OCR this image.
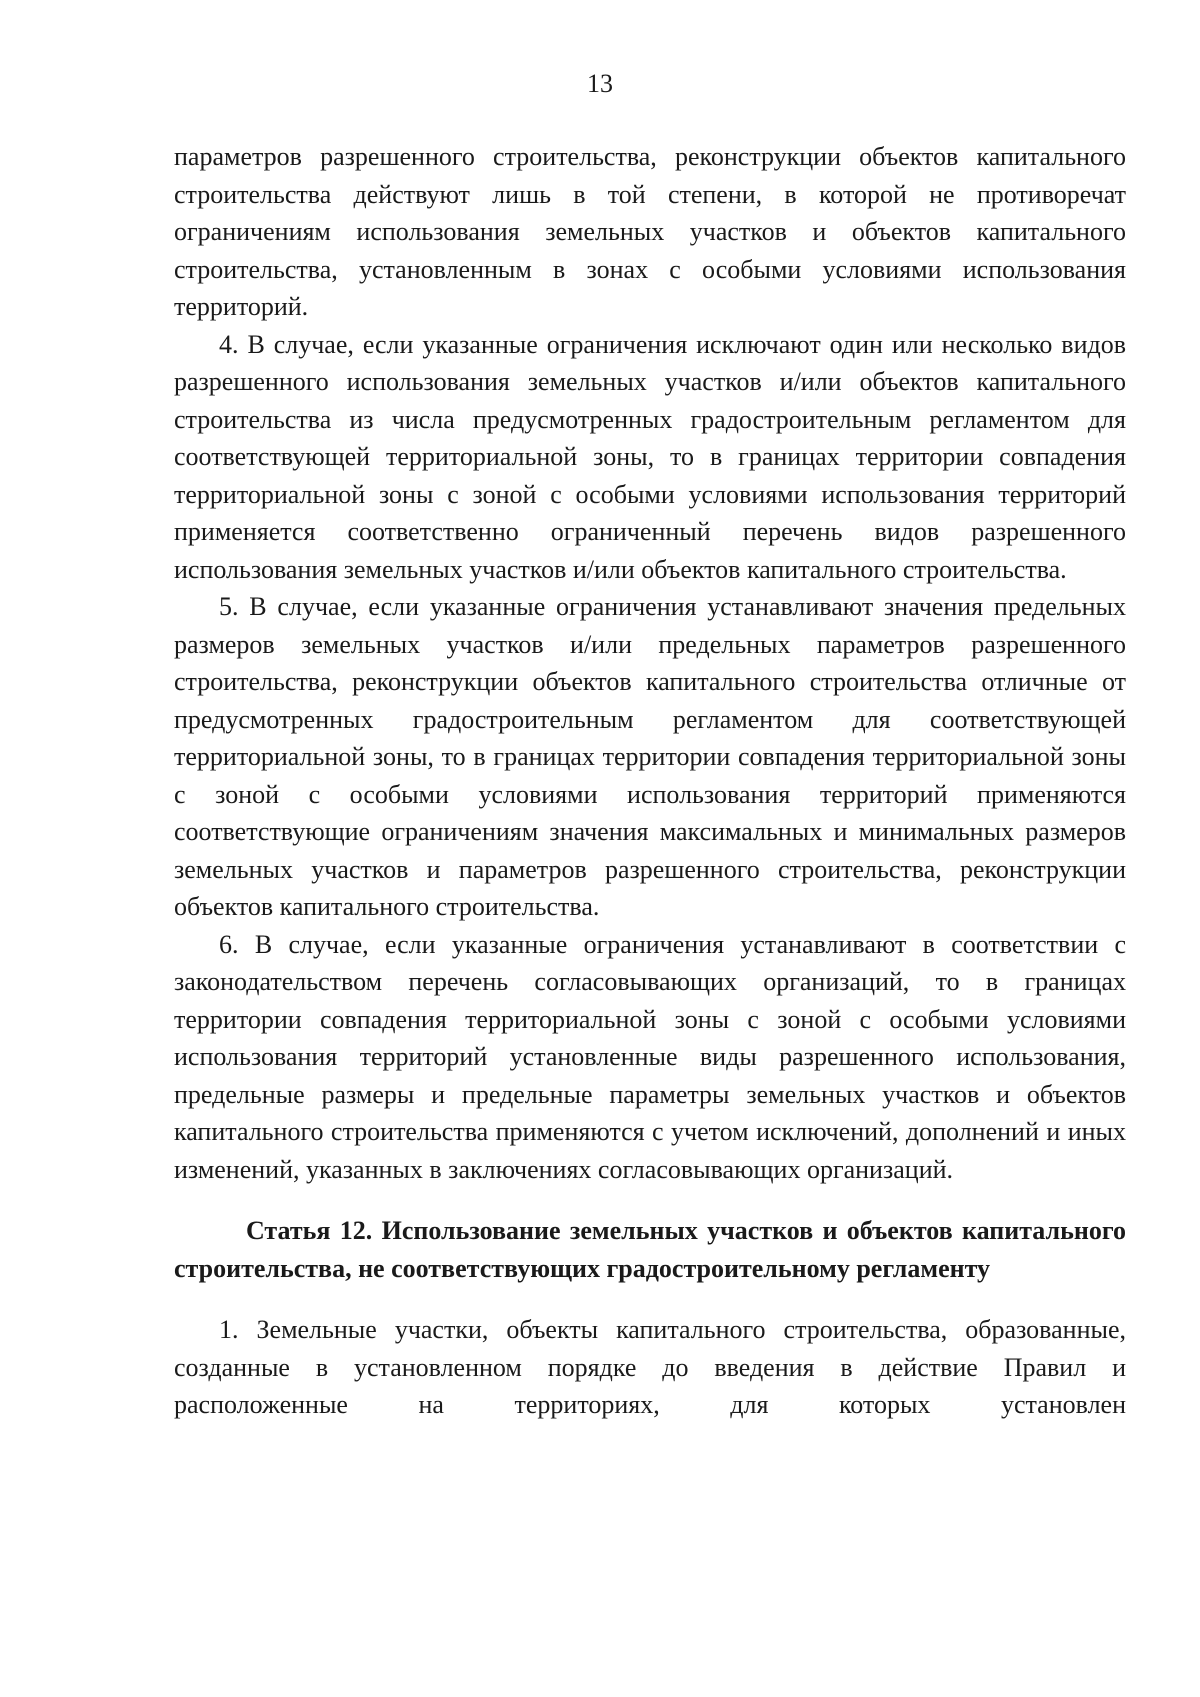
13

параметров разрешенного строительства, реконструкции объектов капитального строительства действуют лишь в той степени, в которой не противоречат ограничениям использования земельных участков и объектов капитального строительства, установленным в зонах с особыми условиями использования территорий.

4. В случае, если указанные ограничения исключают один или несколько видов разрешенного использования земельных участков и/или объектов капитального строительства из числа предусмотренных градостроительным регламентом для соответствующей территориальной зоны, то в границах территории совпадения территориальной зоны с зоной с особыми условиями использования территорий применяется соответственно ограниченный перечень видов разрешенного использования земельных участков и/или объектов капитального строительства.

5. В случае, если указанные ограничения устанавливают значения предельных размеров земельных участков и/или предельных параметров разрешенного строительства, реконструкции объектов капитального строительства отличные от предусмотренных градостроительным регламентом для соответствующей территориальной зоны, то в границах территории совпадения территориальной зоны с зоной с особыми условиями использования территорий применяются соответствующие ограничениям значения максимальных и минимальных размеров земельных участков и параметров разрешенного строительства, реконструкции объектов капитального строительства.

6. В случае, если указанные ограничения устанавливают в соответствии с законодательством перечень согласовывающих организаций, то в границах территории совпадения территориальной зоны с зоной с особыми условиями использования территорий установленные виды разрешенного использования, предельные размеры и предельные параметры земельных участков и объектов капитального строительства применяются с учетом исключений, дополнений и иных изменений, указанных в заключениях согласовывающих организаций.

Статья 12. Использование земельных участков и объектов капитального строительства, не соответствующих градостроительному регламенту

1. Земельные участки, объекты капитального строительства, образованные, созданные в установленном порядке до введения в действие Правил и расположенные на территориях, для которых установлен
